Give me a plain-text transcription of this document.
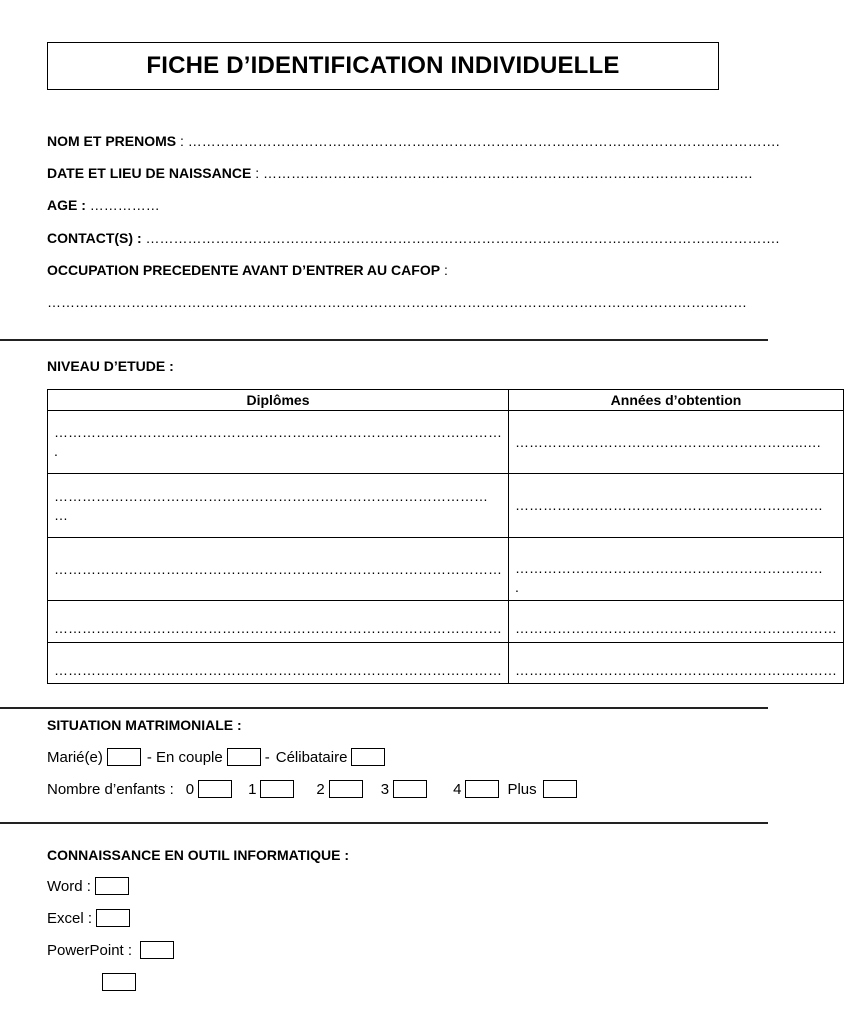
FICHE D’IDENTIFICATION INDIVIDUELLE
NOM ET PRENOMS : ……………………………………………………………………………………………………………….
DATE ET LIEU DE NAISSANCE : ……………………………………………………………………………………………
AGE : ……………
CONTACT(S) : ……………………………………………………………………………………………………………………….
OCCUPATION PRECEDENTE AVANT D’ENTRER AU CAFOP :
……………………………………………………………………………………………………………………………………
NIVEAU D’ETUDE :
Diplômes	Années d’obtention

……………………………………………………………………………………
.	……………………………………………………..….

…………………………………………………………………………………
…	…………………………………………………………

……………………………………………………………………………………	…………………………………………………………
.

……………………………………………………………………………………	……………………………………………………………

……………………………………………………………………………………	……………………………………………………………
SITUATION MATRIMONIALE :
Marié(e)	- En couple	- Célibataire
Nombre d’enfants : 0	1	2	3	4	Plus
CONNAISSANCE EN OUTIL INFORMATIQUE :
Word :
Excel :
PowerPoint :
